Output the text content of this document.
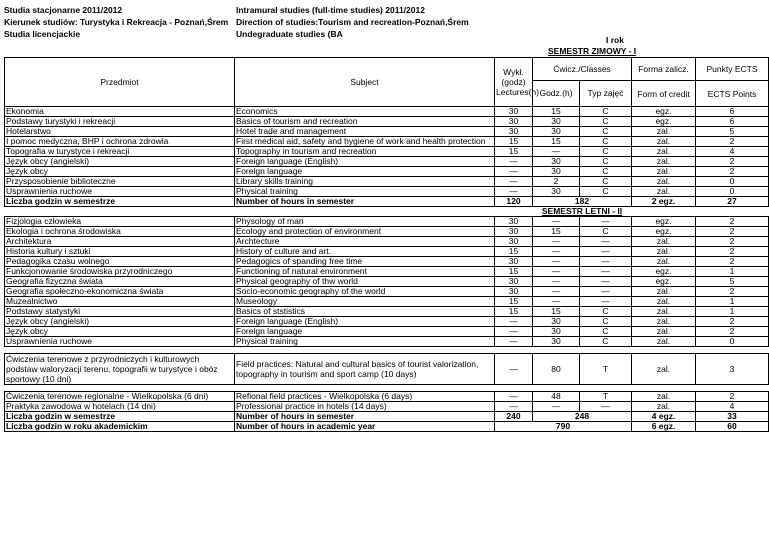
Studia stacjonarne 2011/2012
Kierunek studiów: Turystyka i Rekreacja - Poznań,Śrem
Studia licencjackie
Intramural studies (full-time studies) 2011/2012
Direction of studies:Tourism and recreation-Poznań,Śrem
Undegraduate studies (BA
I rok
SEMESTR ZIMOWY - I
Przedmiot	Subject	Wykł. (godz) Lectures(h)	Ćwicz./Classes		Forma zalicz.	Punkty ECTS	
			Godz.(h)	Typ zajęć	Form of credit	ECTS Points	

Ekonomia	Economics	30	15	C	egz.	6	
Podstawy turystyki i rekreacji	Basics of tourism and recreation	30	30	C	egz.	6	
Hotelarstwo	Hotel trade and management	30	30	C	zal.	5	
I pomoc medyczna, BHP i ochrona zdrowia	First medical aid, safety and hygiene of work and health protection	15	15	C	zal.	2	
Topografia w turystyce i rekreacji	Topography in tourism and recreation	15	—	C	zal.	4	
Język obcy (angielski)	Foreign language (English)	—	30	C	zal.	2	
Język obcy	Foreign language	—	30	C	zal.	2	
Przysposobienie biblioteczne	Library skills training	—	2	C	zal.	0	
Usprawnienia ruchowe	Physical training	—	30	C	zal.	0	
Liczba godzin w semestrze	Number of hours in semester	120	182		2 egz.	27	
			SEMESTR LETNI - II				
Fizjologia człowieka	Physology of man	30	—	—	egz.	2	
Ekologia i ochrona środowiska	Ecology and protection of environment	30	15	C	egz.	2	
Architektura	Archtecture	30	—	—	zal.	2	
Historia kultury i sztuki	History of culture and art.	15	—	—	zal.	2	
Pedagogika czasu wolnego	Pedagogics of spanding free time	30	—	—	zal.	2	
Funkcjonowanie środowiska przyrodniczego	Functioning of natural environment	15	—	—	egz.	1	
Geografia fizyczna świata	Physical geography of thw world	30	—	—	egz.	5	
Geografia społeczno-ekonomiczna świata	Socio-economic geography of the world	30	—	—	zal.	2	
Muzealnictwo	Museology	15	—	—	zal.	1	
Podstawy statystyki	Basics of ststistics	15	15	C	zal.	1	
Język obcy (angielski)	Foreign language (English)	—	30	C	zal.	2	
Język obcy	Foreign language	—	30	C	zal.	2	
Usprawnienia ruchowe	Physical training	—	30	C	zal.	0	

Ćwiczenia terenowe z przyrodniczych i kulturowych podstaw waloryzacji terenu, topografii w turystyce i obóz sportowy (10 dni)	Field practices: Natural and cultural basics of tourist valorization, topography in tourism and sport camp (10 days)	—	80	T	zal.	3	

Ćwiczenia terenowe regionalne - Wielkopolska (6 dni)	Refional field practices - Wielkopolska (6 days)	—	48	T	zal.	2	
Praktyka zawodowa w hotelach (14 dni)	Professional practice in hotels (14 days)	—	—	—	zal.	4	
Liczba godzin w semestrze	Number of hours in semester	240	248		4 egz.	33	
Liczba godzin w roku akademickim	Number of hours in academic year	790			6 egz.	60	
